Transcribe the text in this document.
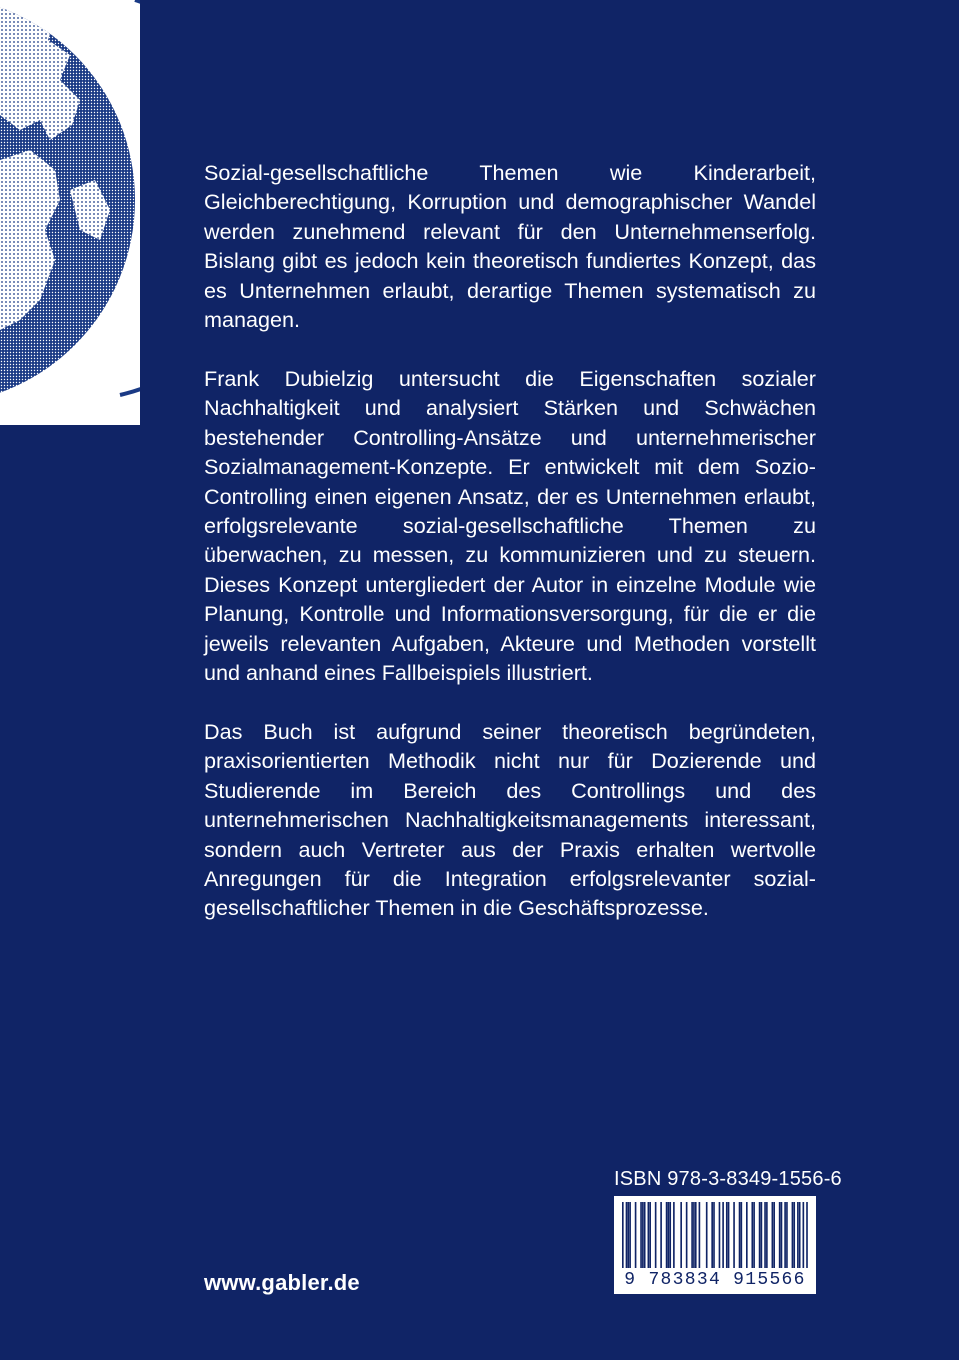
Sozial-gesellschaftliche Themen wie Kinderarbeit, Gleichberechtigung, Korruption und demographischer Wandel werden zunehmend relevant für den Unternehmenserfolg. Bislang gibt es jedoch kein theoretisch fundiertes Konzept, das es Unternehmen erlaubt, derartige Themen systematisch zu managen.

Frank Dubielzig untersucht die Eigenschaften sozialer Nachhaltigkeit und analysiert Stärken und Schwächen bestehender Controlling-Ansätze und unternehmerischer Sozialmanagement-Konzepte. Er entwickelt mit dem Sozio-Controlling einen eigenen Ansatz, der es Unternehmen erlaubt, erfolgsrelevante sozial-gesellschaftliche Themen zu überwachen, zu messen, zu kommunizieren und zu steuern. Dieses Konzept untergliedert der Autor in einzelne Module wie Planung, Kontrolle und Informationsversorgung, für die er die jeweils relevanten Aufgaben, Akteure und Methoden vorstellt und anhand eines Fallbeispiels illustriert.

Das Buch ist aufgrund seiner theoretisch begründeten, praxisorientierten Methodik nicht nur für Dozierende und Studierende im Bereich des Controllings und des unternehmerischen Nachhaltigkeitsmanagements interessant, sondern auch Vertreter aus der Praxis erhalten wertvolle Anregungen für die Integration erfolgsrelevanter sozial-gesellschaftlicher Themen in die Geschäftsprozesse.

ISBN 978-3-8349-1556-6
9 783834 915566
www.gabler.de
